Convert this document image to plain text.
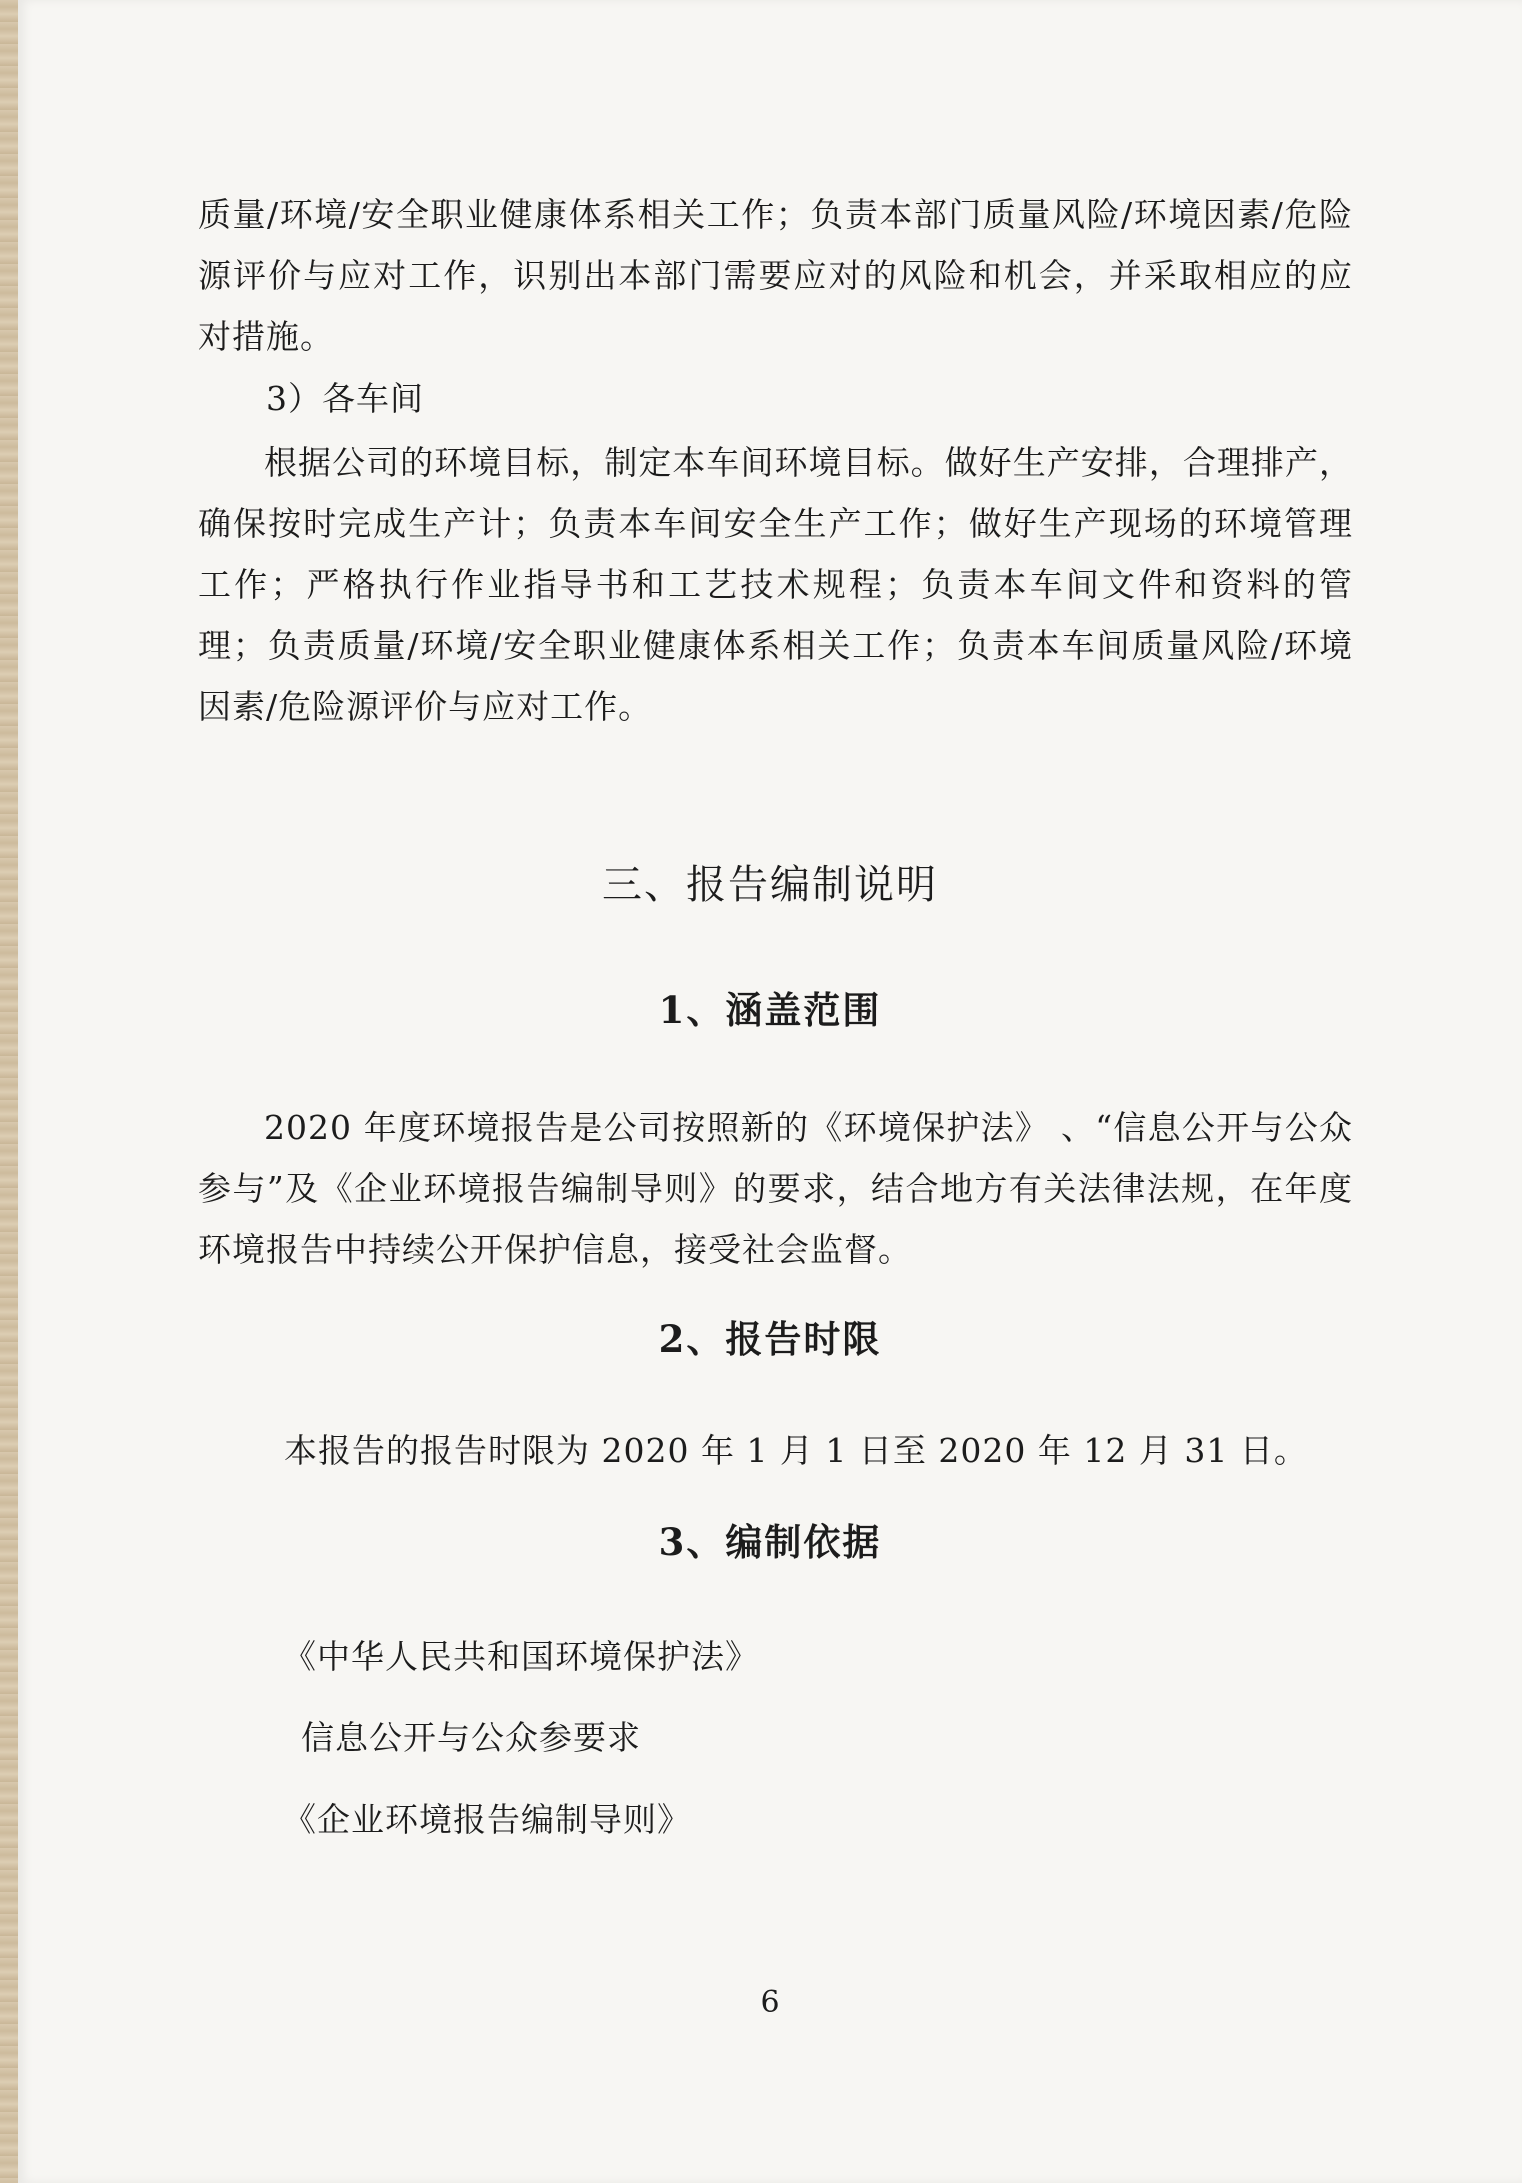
质量/环境/安全职业健康体系相关工作；负责本部门质量风险/环境因素/危险源评价与应对工作，识别出本部门需要应对的风险和机会，并采取相应的应对措施。

3）各车间

根据公司的环境目标，制定本车间环境目标。做好生产安排，合理排产，确保按时完成生产计；负责本车间安全生产工作；做好生产现场的环境管理工作；严格执行作业指导书和工艺技术规程；负责本车间文件和资料的管理；负责质量/环境/安全职业健康体系相关工作；负责本车间质量风险/环境因素/危险源评价与应对工作。

三、报告编制说明
1、涵盖范围

2020 年度环境报告是公司按照新的《环境保护法》 、“信息公开与公众参与”及《企业环境报告编制导则》的要求，结合地方有关法律法规，在年度环境报告中持续公开保护信息，接受社会监督。

2、报告时限
本报告的报告时限为 2020 年 1 月 1 日至 2020 年 12 月 31 日。
3、编制依据
《中华人民共和国环境保护法》
信息公开与公众参要求
《企业环境报告编制导则》
6
